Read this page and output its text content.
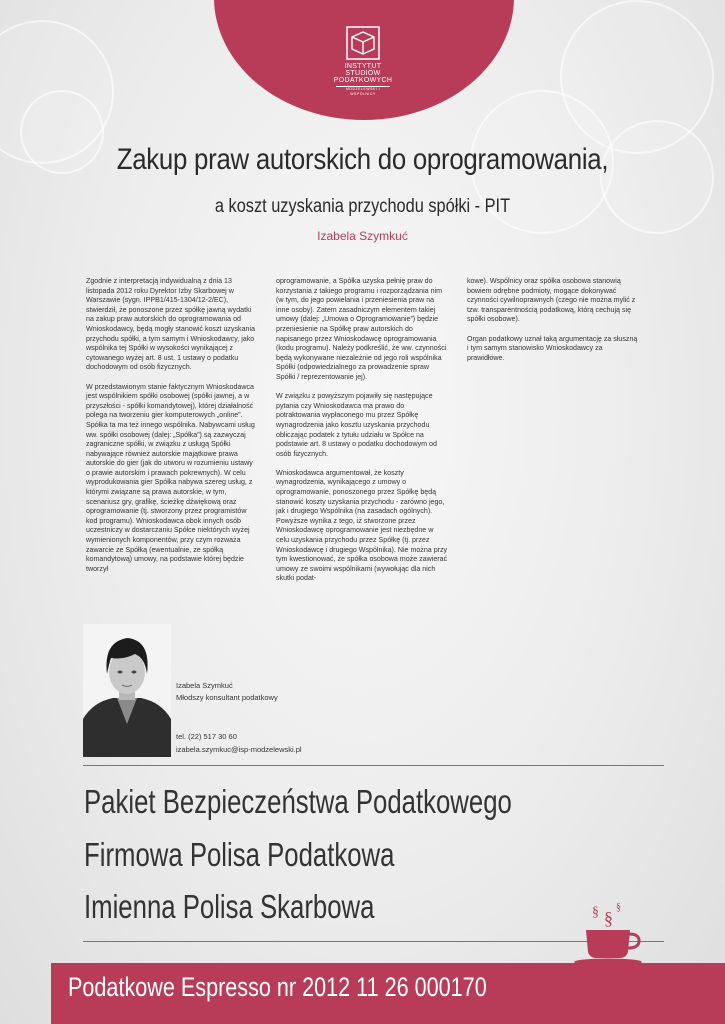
INSTYTUT
STUDIÓW
PODATKOWYCH
MODZELEWSKI I WSPÓLNICY
Zakup praw autorskich do oprogramowania,
a koszt uzyskania przychodu spółki - PIT
Izabela Szymkuć

Zgodnie z interpretacją indywidualną z dnia 13 listopada 2012 roku Dyrektor Izby Skarbowej w Warszawie (sygn. IPPB1/415-1304/12-2/EC), stwierdził, że ponoszone przez spółkę jawną wydatki na zakup praw autorskich do oprogramowania od Wnioskodawcy, będą mogły stanowić koszt uzyskania przychodu spółki, a tym samym i Wnioskodawcy, jako wspólnika tej Spółki w wysokości wynikającej z cytowanego wyżej art. 8 ust. 1 ustawy o podatku dochodowym od osób fizycznych.

W przedstawionym stanie faktycznym Wnioskodawca jest wspólnikiem spółki osobowej (spółki jawnej, a w przyszłości - spółki komandytowej), której działalność polega na tworzeniu gier komputerowych „online”. Spółka ta ma też innego wspólnika. Nabywcami usług ww. spółki osobowej (dalej: „Spółka”) są zazwyczaj zagraniczne spółki, w związku z usługą Spółki nabywające również autorskie majątkowe prawa autorskie do gier (jak do utworu w rozumieniu ustawy o prawie autorskim i prawach pokrewnych). W celu wyprodukowania gier Spółka nabywa szereg usług, z którymi związane są prawa autorskie, w tym, scenariusz gry, grafikę, ścieżkę dźwiękową oraz oprogramowanie (tj. stworzony przez programistów kod programu). Wnioskodawca obok innych osób uczestniczy w dostarczaniu Spółce niektórych wyżej wymienionych komponentów, przy czym rozważa zawarcie ze Spółką (ewentualnie, ze spółką komandytową) umowy, na podstawie której będzie tworzył

oprogramowanie, a Spółka uzyska pełnię praw do korzystania z takiego programu i rozporządzania nim (w tym, do jego powielania i przeniesienia praw na inne osoby). Zatem zasadniczym elementem takiej umowy (dalej: „Umowa o Oprogramowanie”) będzie przeniesienie na Spółkę praw autorskich do napisanego przez Wnioskodawcę oprogramowania (kodu programu). Należy podkreślić, że ww. czynności będą wykonywane niezależnie od jego roli wspólnika Spółki (odpowiedzialnego za prowadzenie spraw Spółki / reprezentowanie jej).

W związku z powyższym pojawiły się następujące pytania czy Wnioskodawca ma prawo do potraktowania wypłaconego mu przez Spółkę wynagrodzenia jako kosztu uzyskania przychodu obliczając podatek z tytułu udziału w Spółce na podstawie art. 8 ustawy o podatku dochodowym od osób fizycznych.

Wnioskodawca argumentował, że koszty wynagrodzenia, wynikającego z umowy o oprogramowanie, ponoszonego przez Spółkę będą stanowić koszty uzyskania przychodu - zarówno jego, jak i drugiego Wspólnika (na zasadach ogólnych). Powyższe wynika z tego, iż stworzone przez Wnioskodawcę oprogramowanie jest niezbędne w celu uzyskania przychodu przez Spółkę (tj. przez Wnioskodawcę i drugiego Wspólnika). Nie można przy tym kwestionować, że spółka osobowa może zawierać umowy ze swoimi wspólnikami (wywołując dla nich skutki podat-

kowe). Wspólnicy oraz spółka osobowa stanowią bowiem odrębne podmioty, mogące dokonywać czynności cywilnoprawnych (czego nie można mylić z tzw. transparentnością podatkową, którą cechują się spółki osobowe).

Organ podatkowy uznał taką argumentację za słuszną i tym samym stanowisko Wnioskodawcy za prawidłowe.

Izabela Szymkuć
Młodszy konsultant podatkowy
tel. (22) 517 30 60
izabela.szymkuc@isp-modzelewski.pl
Pakiet Bezpieczeństwa Podatkowego
Firmowa Polisa Podatkowa
Imienna Polisa Skarbowa	§ §
§
Podatkowe Espresso nr 2012 11 26 000170
